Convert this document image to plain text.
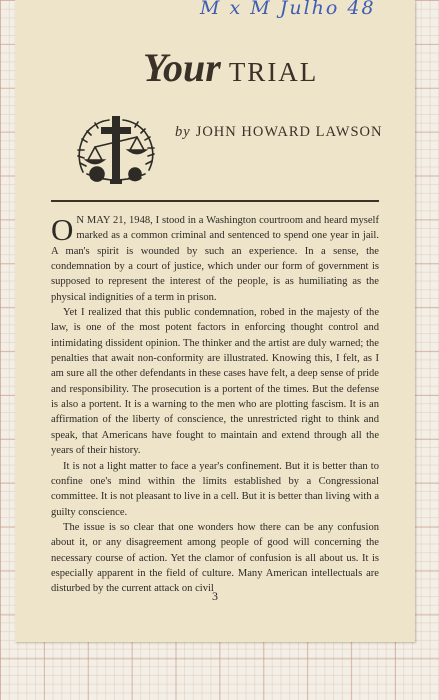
M x M Julho 48
Your TRIAL
by JOHN HOWARD LAWSON

O N MAY 21, 1948, I stood in a Washington courtroom and heard myself marked as a common criminal and sentenced to spend one year in jail. A man's spirit is wounded by such an experience. In a sense, the condemnation by a court of justice, which under our form of government is supposed to represent the interest of the people, is as humiliating as the physical indignities of a term in prison.

Yet I realized that this public condemnation, robed in the majesty of the law, is one of the most potent factors in enforcing thought control and intimidating dissident opinion. The thinker and the artist are duly warned; the penalties that await non-conformity are illustrated. Knowing this, I felt, as I am sure all the other defendants in these cases have felt, a deep sense of pride and responsibility. The prosecution is a portent of the times. But the defense is also a portent. It is a warning to the men who are plotting fascism. It is an affirmation of the liberty of conscience, the unrestricted right to think and speak, that Americans have fought to maintain and extend through all the years of their history.

It is not a light matter to face a year's confinement. But it is better than to confine one's mind within the limits established by a Congressional committee. It is not pleasant to live in a cell. But it is better than living with a guilty conscience.

The issue is so clear that one wonders how there can be any confusion about it, or any disagreement among people of good will concerning the necessary course of action. Yet the clamor of confusion is all about us. It is especially apparent in the field of culture. Many American intellectuals are disturbed by the current attack on civil

3
